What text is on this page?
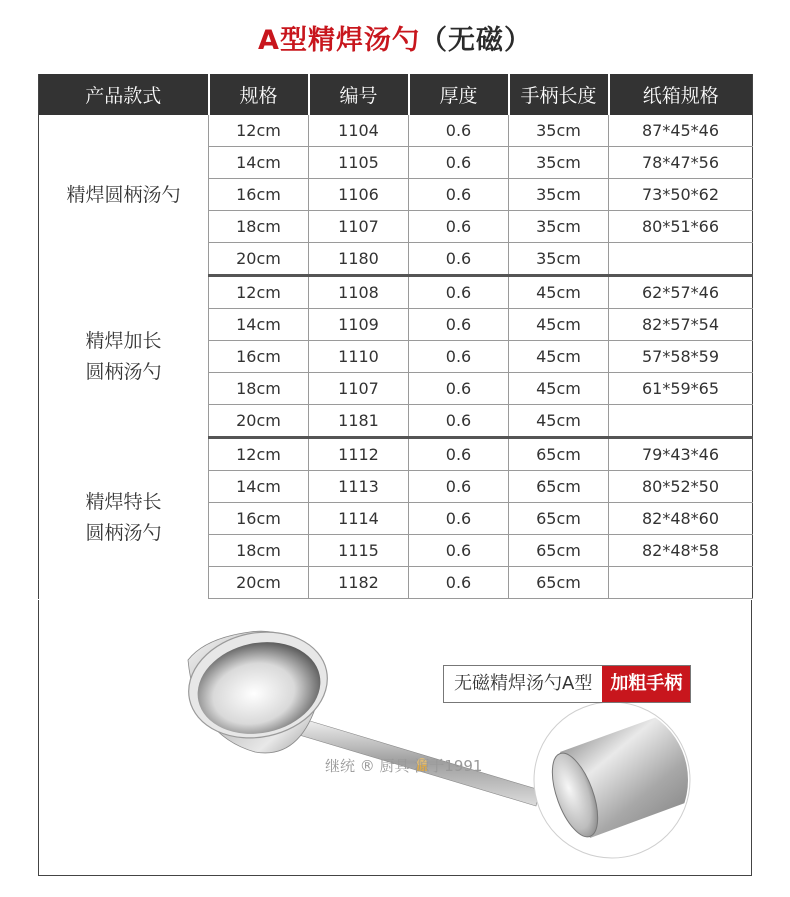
A型精焊汤勺（无磁）
产品款式	规格	编号	厚度	手柄长度	纸箱规格

精焊圆柄汤勺	12cm	1104	0.6	35cm	87*45*46
	14cm	1105	0.6	35cm	78*47*56
	16cm	1106	0.6	35cm	73*50*62
	18cm	1107	0.6	35cm	80*51*66
	20cm	1180	0.6	35cm	

精焊加长
圆柄汤勺	12cm	1108	0.6	45cm	62*57*46
	14cm	1109	0.6	45cm	82*57*54
	16cm	1110	0.6	45cm	57*58*59
	18cm	1107	0.6	45cm	61*59*65
	20cm	1181	0.6	45cm	

精焊特长
圆柄汤勺	12cm	1112	0.6	65cm	79*43*46
	14cm	1113	0.6	65cm	80*52*50
	16cm	1114	0.6	65cm	82*48*60
	18cm	1115	0.6	65cm	82*48*58
	20cm	1182	0.6	65cm	
无磁精焊汤勺A型	加粗手柄
继统 ® 厨具 源于1991
